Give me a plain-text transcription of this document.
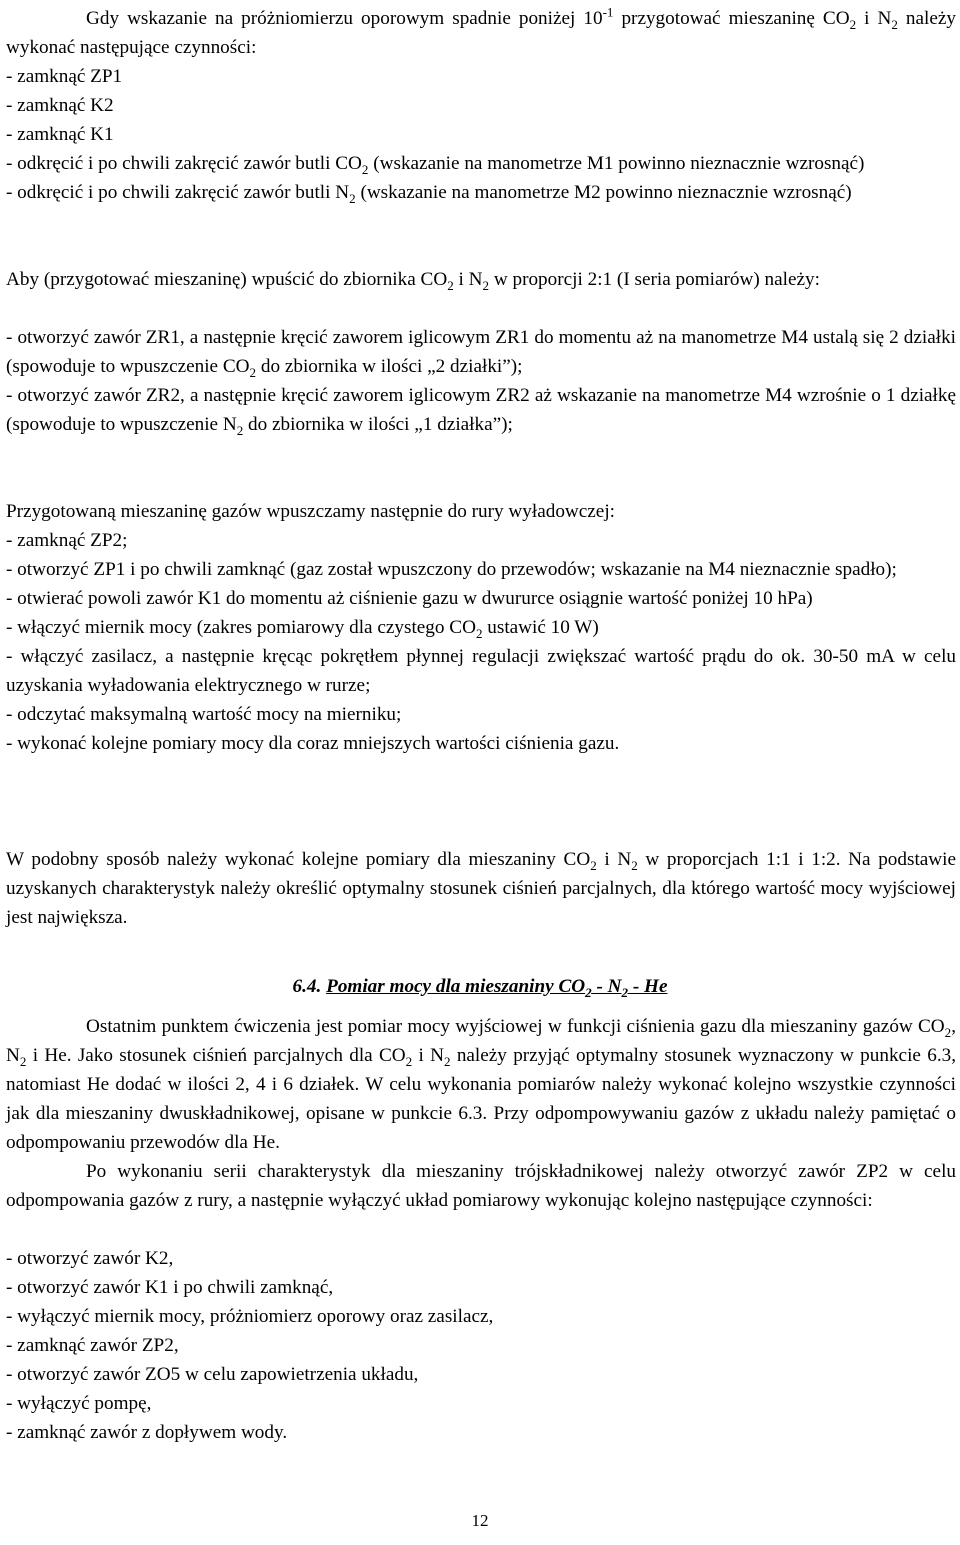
Gdy wskazanie na próżniomierzu oporowym spadnie poniżej $10^{-1}$ przygotować mieszaninę $CO_2$ i $N_2$ należy wykonać następujące czynności:

- zamknąć ZP1
- zamknąć K2
- zamknąć K1
- odkręcić i po chwili zakręcić zawór butli $CO_2$ (wskazanie na manometrze M1 powinno nieznacznie wzrosnąć)
- odkręcić i po chwili zakręcić zawór butli $N_2$ (wskazanie na manometrze M2 powinno nieznacznie wzrosnąć)

Aby (przygotować mieszaninę) wpuścić do zbiornika $CO_2$ i $N_2$ w proporcji 2:1 (I seria pomiarów) należy:

- otworzyć zawór ZR1, a następnie kręcić zaworem iglicowym ZR1 do momentu aż na manometrze M4 ustalą się 2 działki (spowoduje to wpuszczenie $CO_2$ do zbiornika w ilości „2 działki”);
- otworzyć zawór ZR2, a następnie kręcić zaworem iglicowym ZR2 aż wskazanie na manometrze M4 wzrośnie o 1 działkę (spowoduje to wpuszczenie $N_2$ do zbiornika w ilości „1 działka”);

Przygotowaną mieszaninę gazów wpuszczamy następnie do rury wyładowczej:

- zamknąć ZP2;
- otworzyć ZP1 i po chwili zamknąć (gaz został wpuszczony do przewodów; wskazanie na M4 nieznacznie spadło);
- otwierać powoli zawór K1 do momentu aż ciśnienie gazu w dwururce osiągnie wartość poniżej 10 hPa)
- włączyć miernik mocy (zakres pomiarowy dla czystego $CO_2$ ustawić 10 W)
- włączyć zasilacz, a następnie kręcąc pokrętłem płynnej regulacji zwiększać wartość prądu do ok. 30-50 mA w celu uzyskania wyładowania elektrycznego w rurze;
- odczytać maksymalną wartość mocy na mierniku;
- wykonać kolejne pomiary mocy dla coraz mniejszych wartości ciśnienia gazu.

W podobny sposób należy wykonać kolejne pomiary dla mieszaniny $CO_2$ i $N_2$ w proporcjach 1:1 i 1:2. Na podstawie uzyskanych charakterystyk należy określić optymalny stosunek ciśnień parcjalnych, dla którego wartość mocy wyjściowej jest największa.

6.4. Pomiar mocy dla mieszaniny $CO_2 - N_2$ - He

Ostatnim punktem ćwiczenia jest pomiar mocy wyjściowej w funkcji ciśnienia gazu dla mieszaniny gazów $CO_2$, $N_2$ i He. Jako stosunek ciśnień parcjalnych dla $CO_2$ i $N_2$ należy przyjąć optymalny stosunek wyznaczony w punkcie 6.3, natomiast He dodać w ilości 2, 4 i 6 działek. W celu wykonania pomiarów należy wykonać kolejno wszystkie czynności jak dla mieszaniny dwuskładnikowej, opisane w punkcie 6.3. Przy odpompowywaniu gazów z układu należy pamiętać o odpompowaniu przewodów dla He.

Po wykonaniu serii charakterystyk dla mieszaniny trójskładnikowej należy otworzyć zawór ZP2 w celu odpompowania gazów z rury, a następnie wyłączyć układ pomiarowy wykonując kolejno następujące czynności:

- otworzyć zawór K2,
- otworzyć zawór K1 i po chwili zamknąć,
- wyłączyć miernik mocy, próżniomierz oporowy oraz zasilacz,
- zamknąć zawór ZP2,
- otworzyć zawór ZO5 w celu zapowietrzenia układu,
- wyłączyć pompę,
- zamknąć zawór z dopływem wody.

12
